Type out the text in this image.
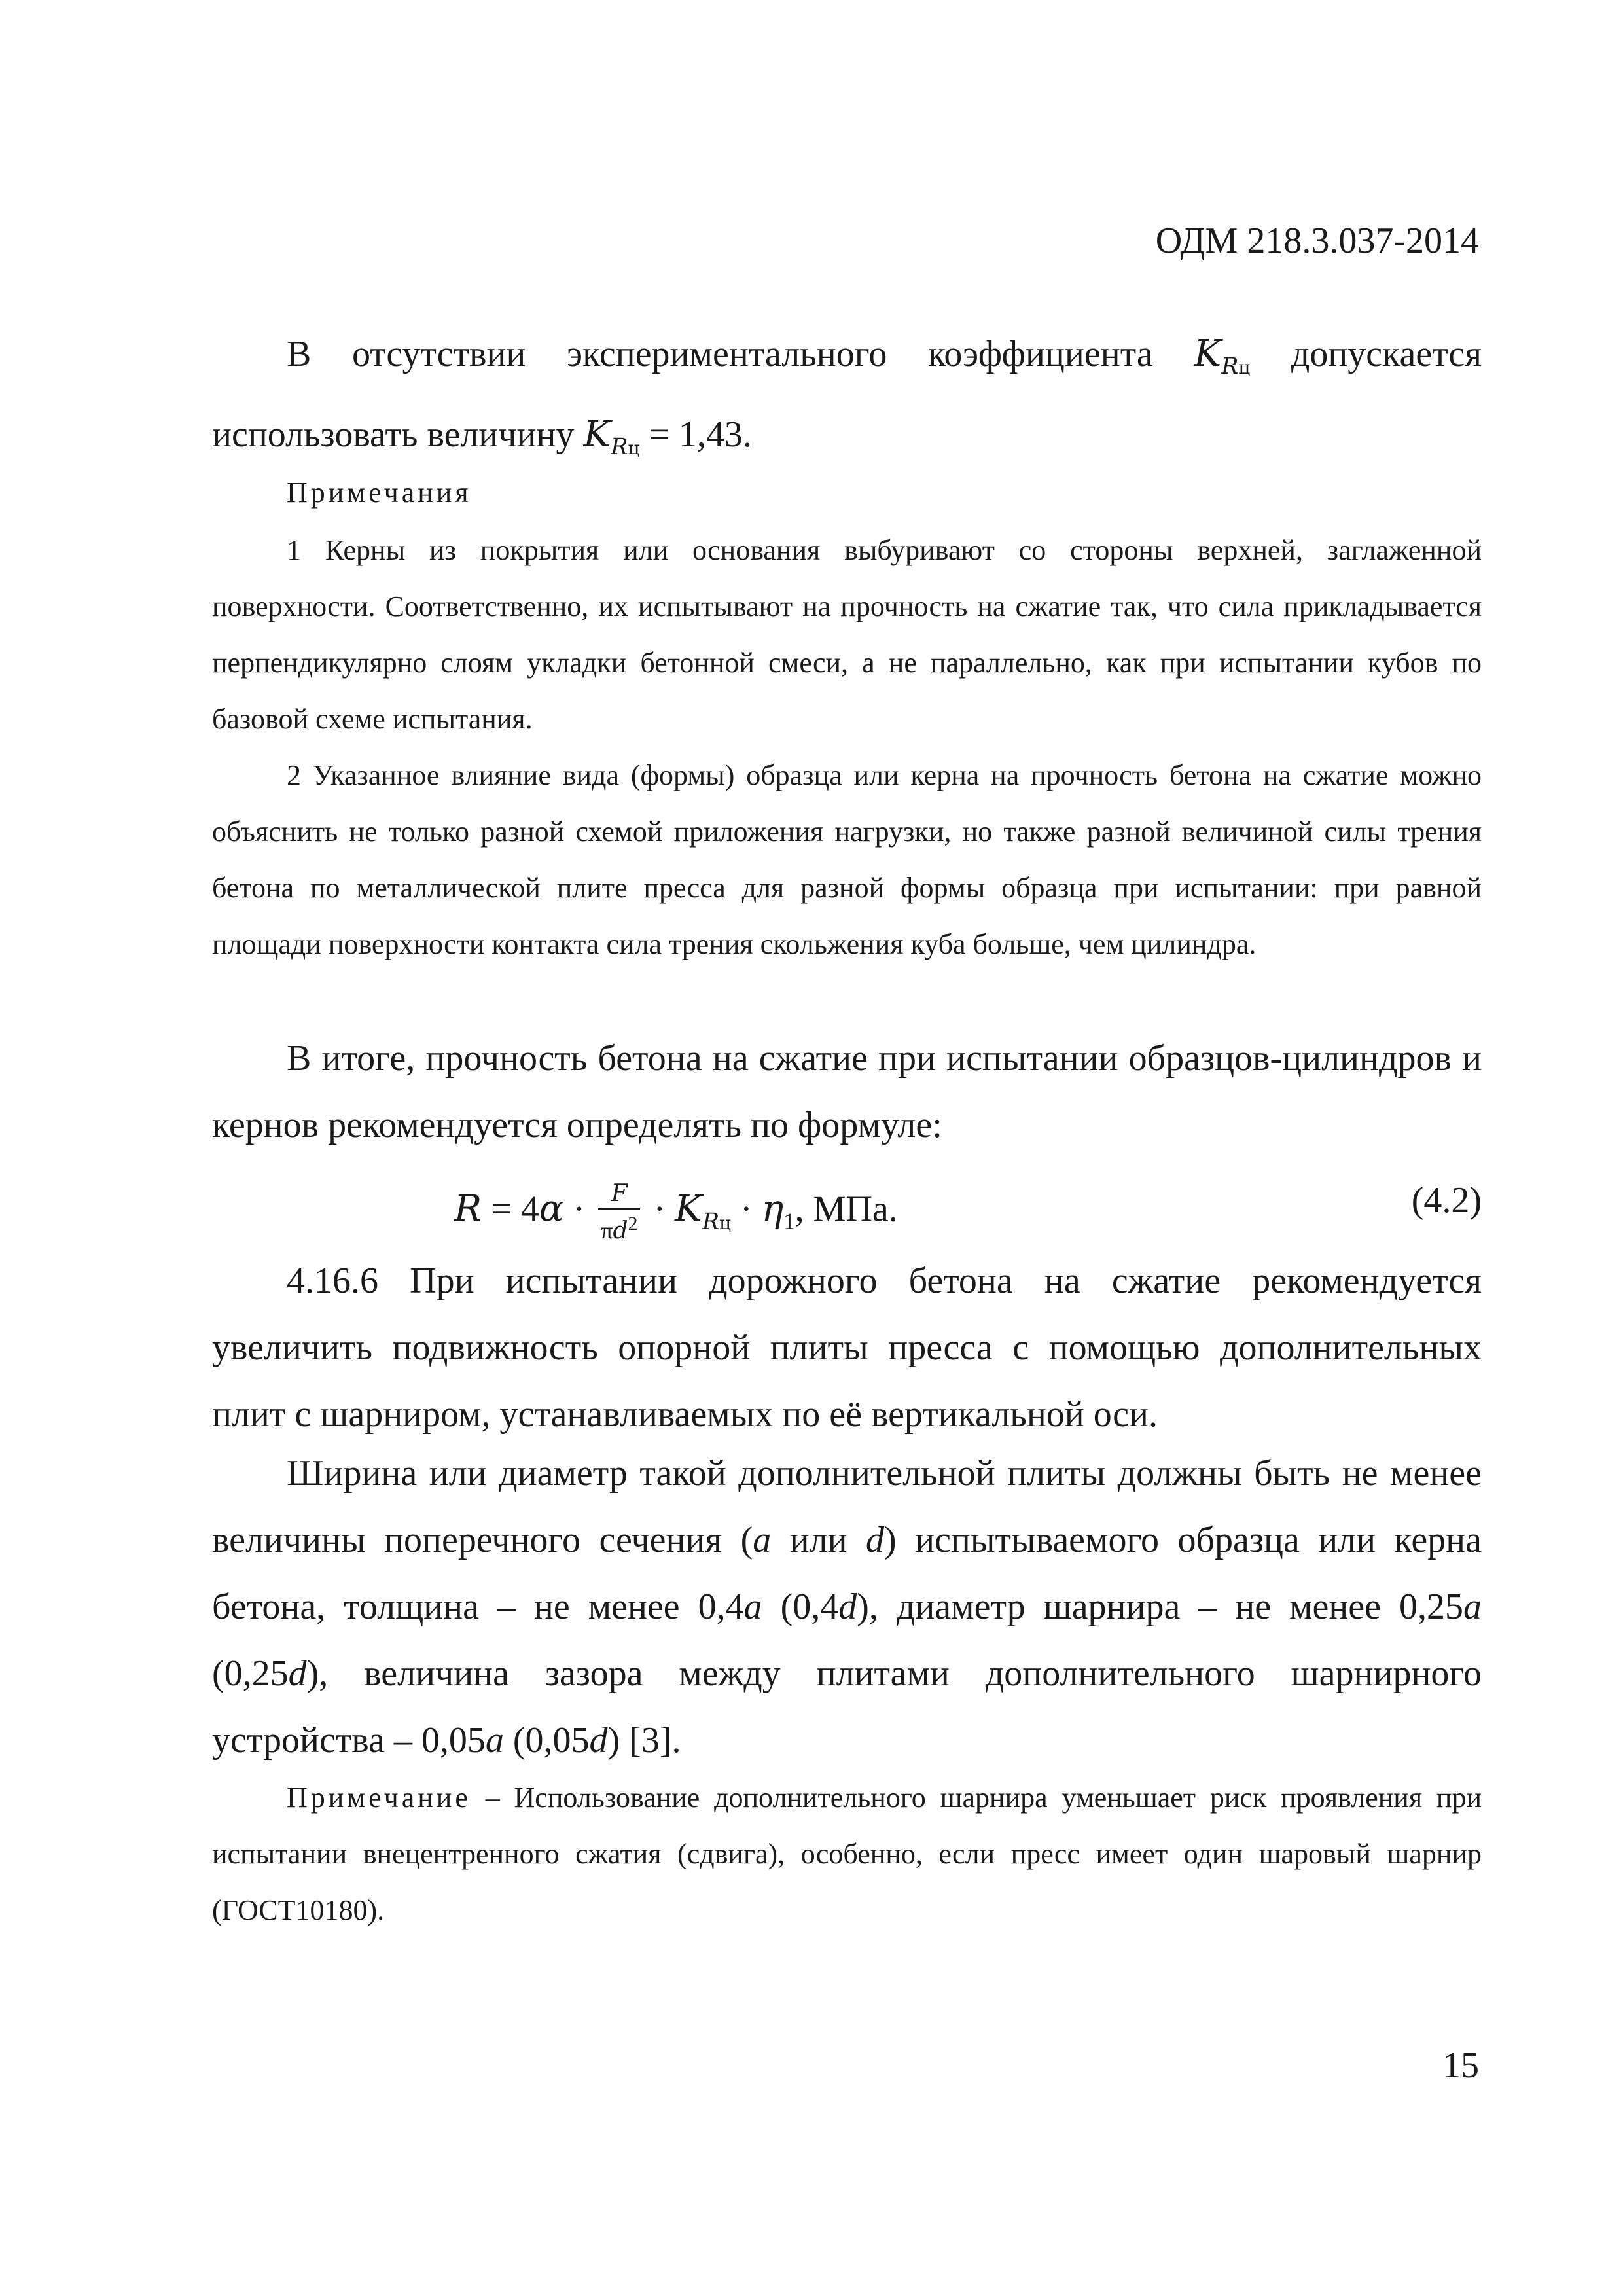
ОДМ 218.3.037-2014

В отсутствии экспериментального коэффициента $K_{Rц}$ допускается использовать величину $K_{Rц} = 1,43$.

Примечания

1 Керны из покрытия или основания выбуривают со стороны верхней, заглаженной поверхности. Соответственно, их испытывают на прочность на сжатие так, что сила прикладывается перпендикулярно слоям укладки бетонной смеси, а не параллельно, как при испытании кубов по базовой схеме испытания.

2 Указанное влияние вида (формы) образца или керна на прочность бетона на сжатие можно объяснить не только разной схемой приложения нагрузки, но также разной величиной силы трения бетона по металлической плите пресса для разной формы образца при испытании: при равной площади поверхности контакта сила трения скольжения куба больше, чем цилиндра.

В итоге, прочность бетона на сжатие при испытании образцов-цилиндров и кернов рекомендуется определять по формуле:

$R = 4\alpha \cdot \frac{F}{\pi d^2} \cdot K_{Rц} \cdot \eta_1$, МПа.	(4.2)

4.16.6 При испытании дорожного бетона на сжатие рекомендуется увеличить подвижность опорной плиты пресса с помощью дополнительных плит с шарниром, устанавливаемых по её вертикальной оси.

Ширина или диаметр такой дополнительной плиты должны быть не менее величины поперечного сечения (a или d) испытываемого образца или керна бетона, толщина – не менее 0,4a (0,4d), диаметр шарнира – не менее 0,25a (0,25d), величина зазора между плитами дополнительного шарнирного устройства – 0,05a (0,05d) [3].

Примечание – Использование дополнительного шарнира уменьшает риск проявления при испытании внецентренного сжатия (сдвига), особенно, если пресс имеет один шаровый шарнир (ГОСТ10180).

15
